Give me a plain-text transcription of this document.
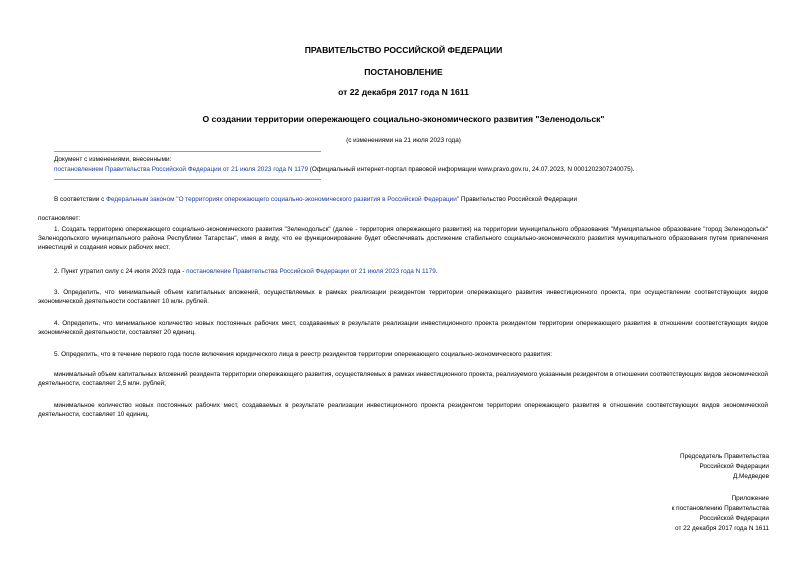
ПРАВИТЕЛЬСТВО РОССИЙСКОЙ ФЕДЕРАЦИИ
ПОСТАНОВЛЕНИЕ
от 22 декабря 2017 года N 1611
О создании территории опережающего социально-экономического развития "Зеленодольск"
(с изменениями на 21 июля 2023 года)
Документ с изменениями, внесенными:
постановлением Правительства Российской Федерации от 21 июля 2023 года N 1179 (Официальный интернет-портал правовой информации www.pravo.gov.ru, 24.07.2023, N 0001202307240075).
В соответствии с Федеральным законом "О территориях опережающего социально-экономического развития в Российской Федерации" Правительство Российской Федерации
постановляет:
1. Создать территорию опережающего социально-экономического развития "Зеленодольск" (далее - территория опережающего развития) на территории муниципального образования "Муниципальное образование "город Зеленодольск" Зеленодольского муниципального района Республики Татарстан", имея в виду, что ее функционирование будет обеспечивать достижение стабильного социально-экономического развития муниципального образования путем привлечения инвестиций и создания новых рабочих мест.
2. Пункт утратил силу с 24 июля 2023 года - постановление Правительства Российской Федерации от 21 июля 2023 года N 1179.
3. Определить, что минимальный объем капитальных вложений, осуществляемых в рамках реализации резидентом территории опережающего развития инвестиционного проекта, при осуществлении соответствующих видов экономической деятельности составляет 10 млн. рублей.
4. Определить, что минимальное количество новых постоянных рабочих мест, создаваемых в результате реализации инвестиционного проекта резидентом территории опережающего развития в отношении соответствующих видов экономической деятельности, составляет 20 единиц.
5. Определить, что в течение первого года после включения юридического лица в реестр резидентов территории опережающего социально-экономического развития:
минимальный объем капитальных вложений резидента территории опережающего развития, осуществляемых в рамках инвестиционного проекта, реализуемого указанным резидентом в отношении соответствующих видов экономической деятельности, составляет 2,5 млн. рублей;
минимальное количество новых постоянных рабочих мест, создаваемых в результате реализации инвестиционного проекта резидентом территории опережающего развития в отношении соответствующих видов экономической деятельности, составляет 10 единиц.
Председатель Правительства
Российской Федерации
Д.Медведев
Приложение
к постановлению Правительства
Российской Федерации
от 22 декабря 2017 года N 1611
